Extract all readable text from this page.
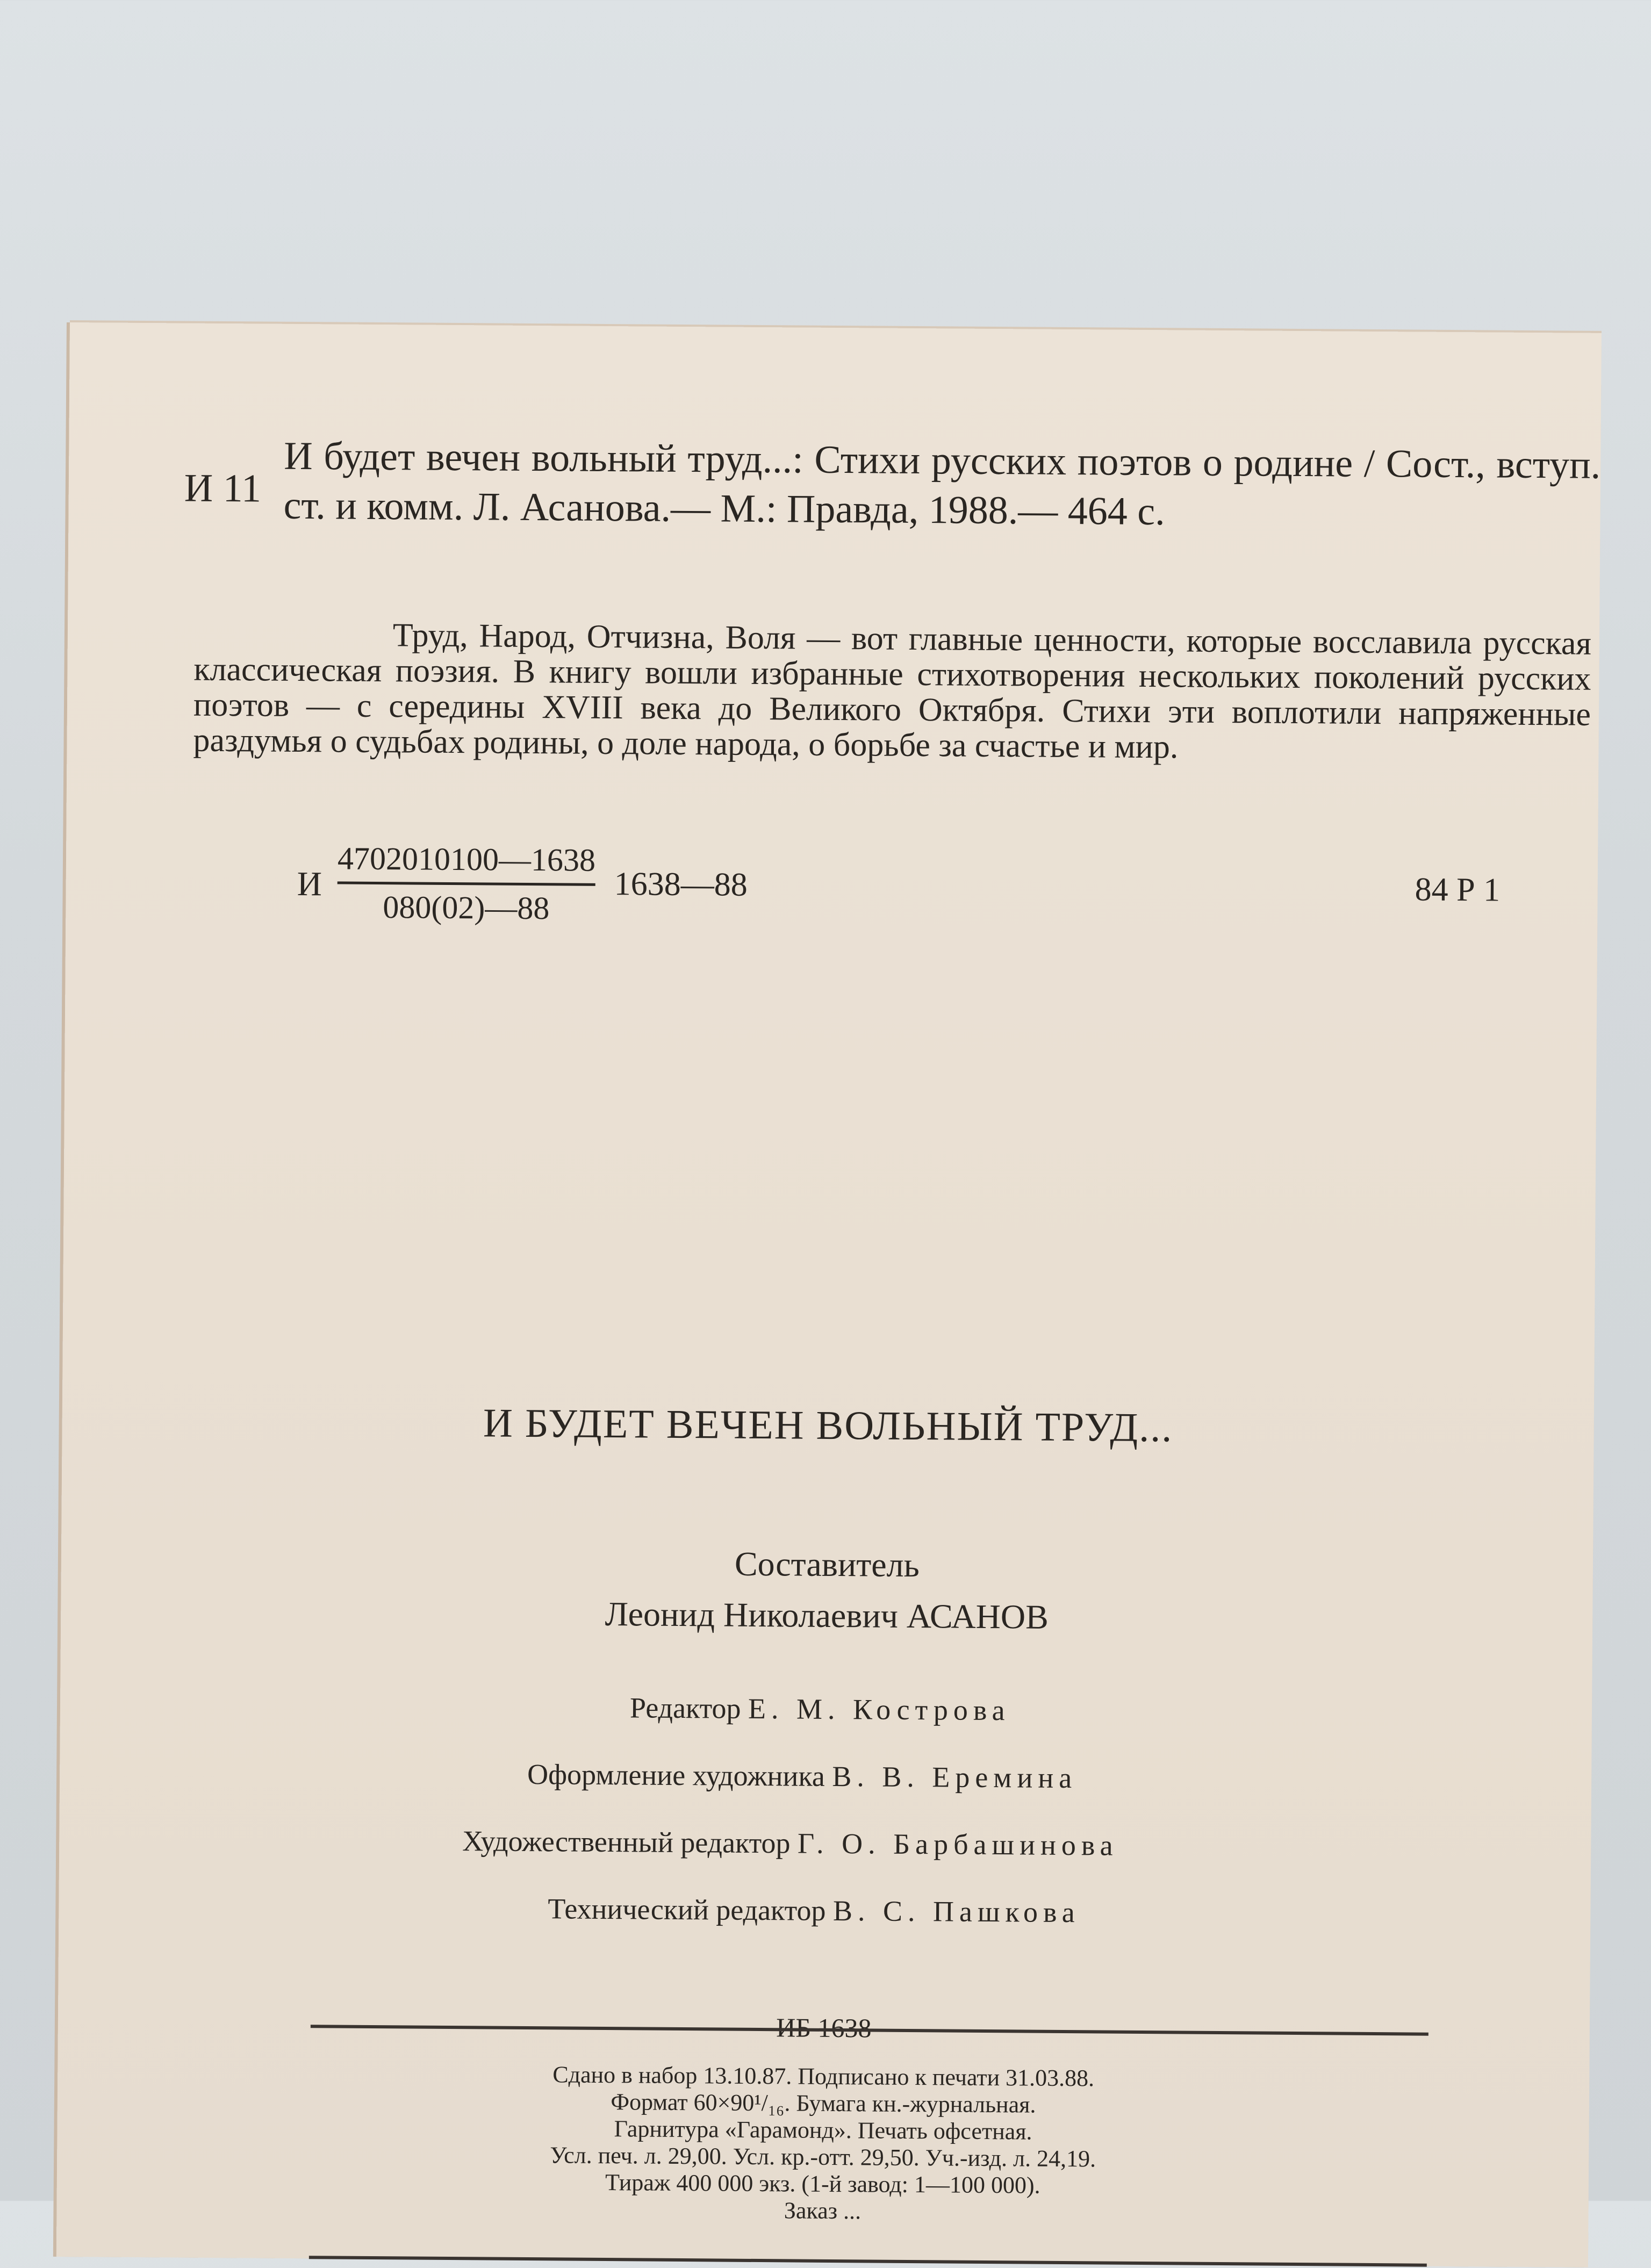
И 11
И будет вечен вольный труд...: Стихи русских поэтов о родине / Сост., вступ. ст. и комм. Л. Асанова.— М.: Правда, 1988.— 464 с.
Труд, Народ, Отчизна, Воля — вот главные ценности, которые восславила русская классическая поэзия. В книгу вошли избранные стихотворения нескольких поколений русских поэтов — с середины XVIII века до Великого Октября. Стихи эти воплотили напряженные раздумья о судьбах родины, о доле народа, о борьбе за счастье и мир.
И $\frac{4702010100—1638}{080(02)—88}$ 1638—88	84 Р 1
И БУДЕТ ВЕЧЕН ВОЛЬНЫЙ ТРУД...
Составитель
Леонид Николаевич АСАНОВ
Редактор Е. М. Кострова
Оформление художника В. В. Еремина
Художественный редактор Г. О. Барбашинова
Технический редактор В. С. Пашкова
ИБ 1638
Сдано в набор 13.10.87. Подписано к печати 31.03.88.
Формат 60×90¹/₁₆. Бумага кн.-журнальная.
Гарнитура «Гарамонд». Печать офсетная.
Усл. печ. л. 29,00. Усл. кр.-отт. 29,50. Уч.-изд. л. 24,19.
Тираж 400 000 экз. (1-й завод: 1—100 000).
Заказ ...
